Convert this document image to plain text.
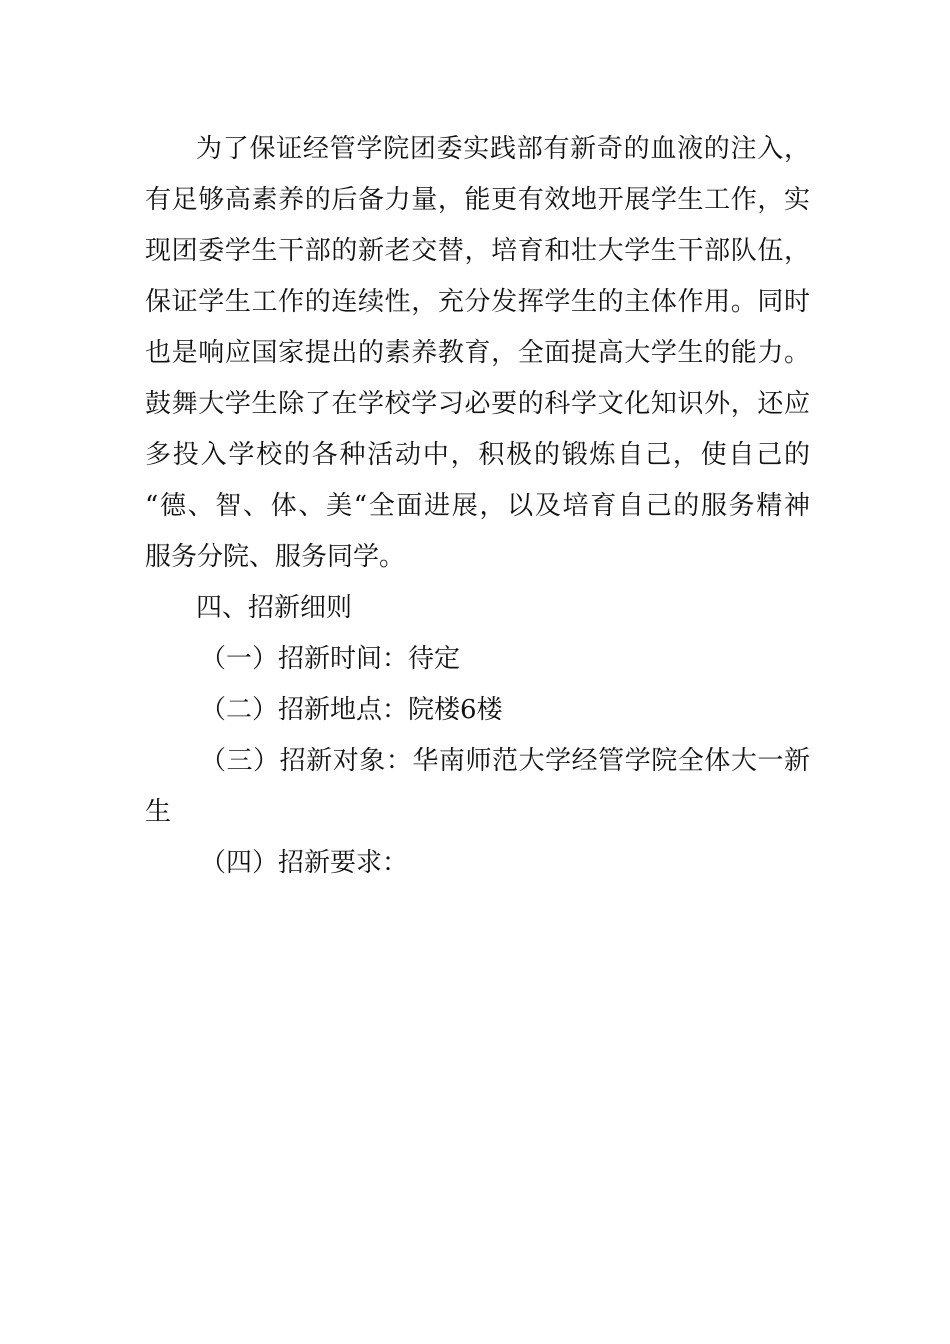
为了保证经管学院团委实践部有新奇的血液的注入，
有足够高素养的后备力量，能更有效地开展学生工作，实
现团委学生干部的新老交替，培育和壮大学生干部队伍，
保证学生工作的连续性，充分发挥学生的主体作用。同时
也是响应国家提出的素养教育，全面提高大学生的能力。
鼓舞大学生除了在学校学习必要的科学文化知识外，还应
多投入学校的各种活动中，积极的锻炼自己，使自己的
“德、智、体、美“全面进展，以及培育自己的服务精神
服务分院、服务同学。
四、招新细则
（一）招新时间：待定
（二）招新地点：院楼6楼
（三）招新对象：华南师范大学经管学院全体大一新
生
（四）招新要求：
